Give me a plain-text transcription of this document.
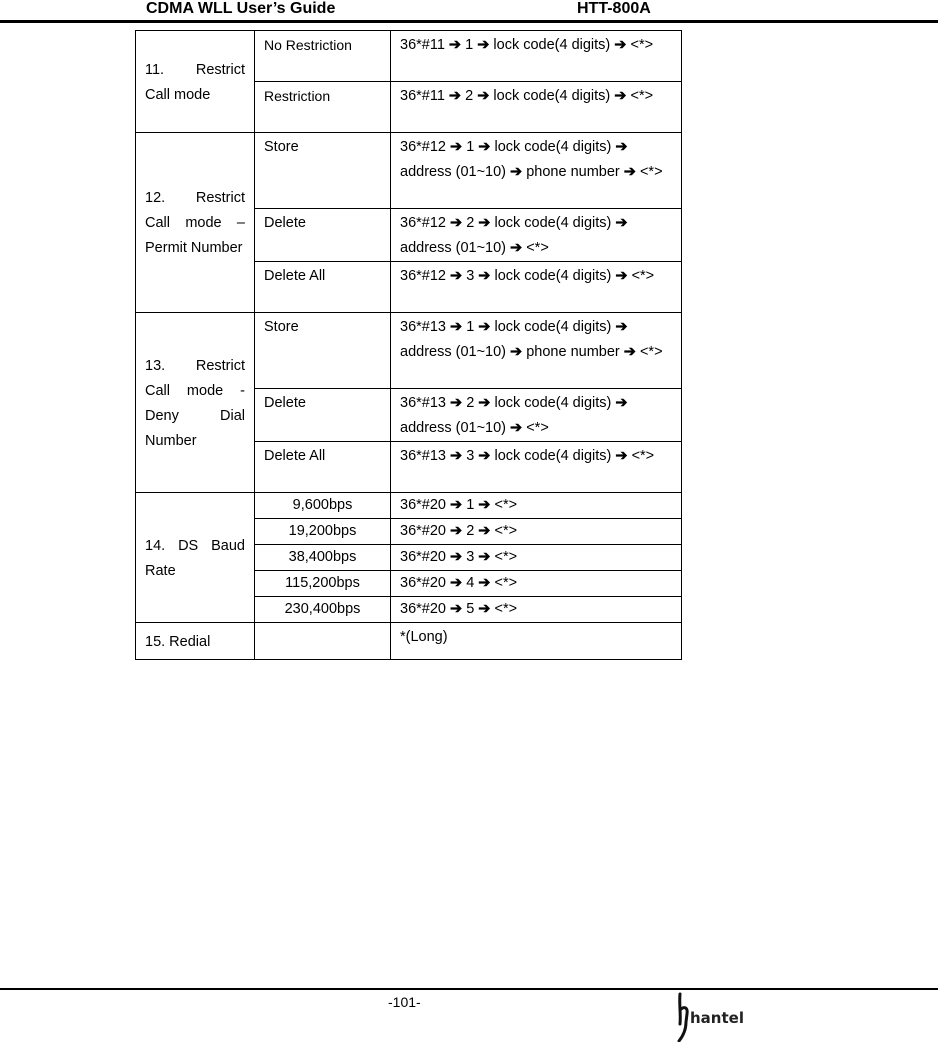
CDMA WLL User’s Guide	HTT-800A
11. Restrict Call mode	No Restriction	36*#11 ➔ 1 ➔ lock code(4 digits) ➔ <*>
	Restriction	36*#11 ➔ 2 ➔ lock code(4 digits) ➔ <*>
12. Restrict Call mode – Permit Number	Store	36*#12 ➔ 1 ➔ lock code(4 digits) ➔ address (01~10) ➔ phone number ➔ <*>
	Delete	36*#12 ➔ 2 ➔ lock code(4 digits) ➔ address (01~10) ➔ <*>
	Delete All	36*#12 ➔ 3 ➔ lock code(4 digits) ➔ <*>
13. Restrict Call mode - Deny Dial Number	Store	36*#13 ➔ 1 ➔ lock code(4 digits) ➔ address (01~10) ➔ phone number ➔ <*>
	Delete	36*#13 ➔ 2 ➔ lock code(4 digits) ➔ address (01~10) ➔ <*>
	Delete All	36*#13 ➔ 3 ➔ lock code(4 digits) ➔ <*>
14. DS Baud Rate	9,600bps	36*#20 ➔ 1 ➔ <*>
	19,200bps	36*#20 ➔ 2 ➔ <*>
	38,400bps	36*#20 ➔ 3 ➔ <*>
	115,200bps	36*#20 ➔ 4 ➔ <*>
	230,400bps	36*#20 ➔ 5 ➔ <*>
15. Redial		*(Long)
-101-
hantel
